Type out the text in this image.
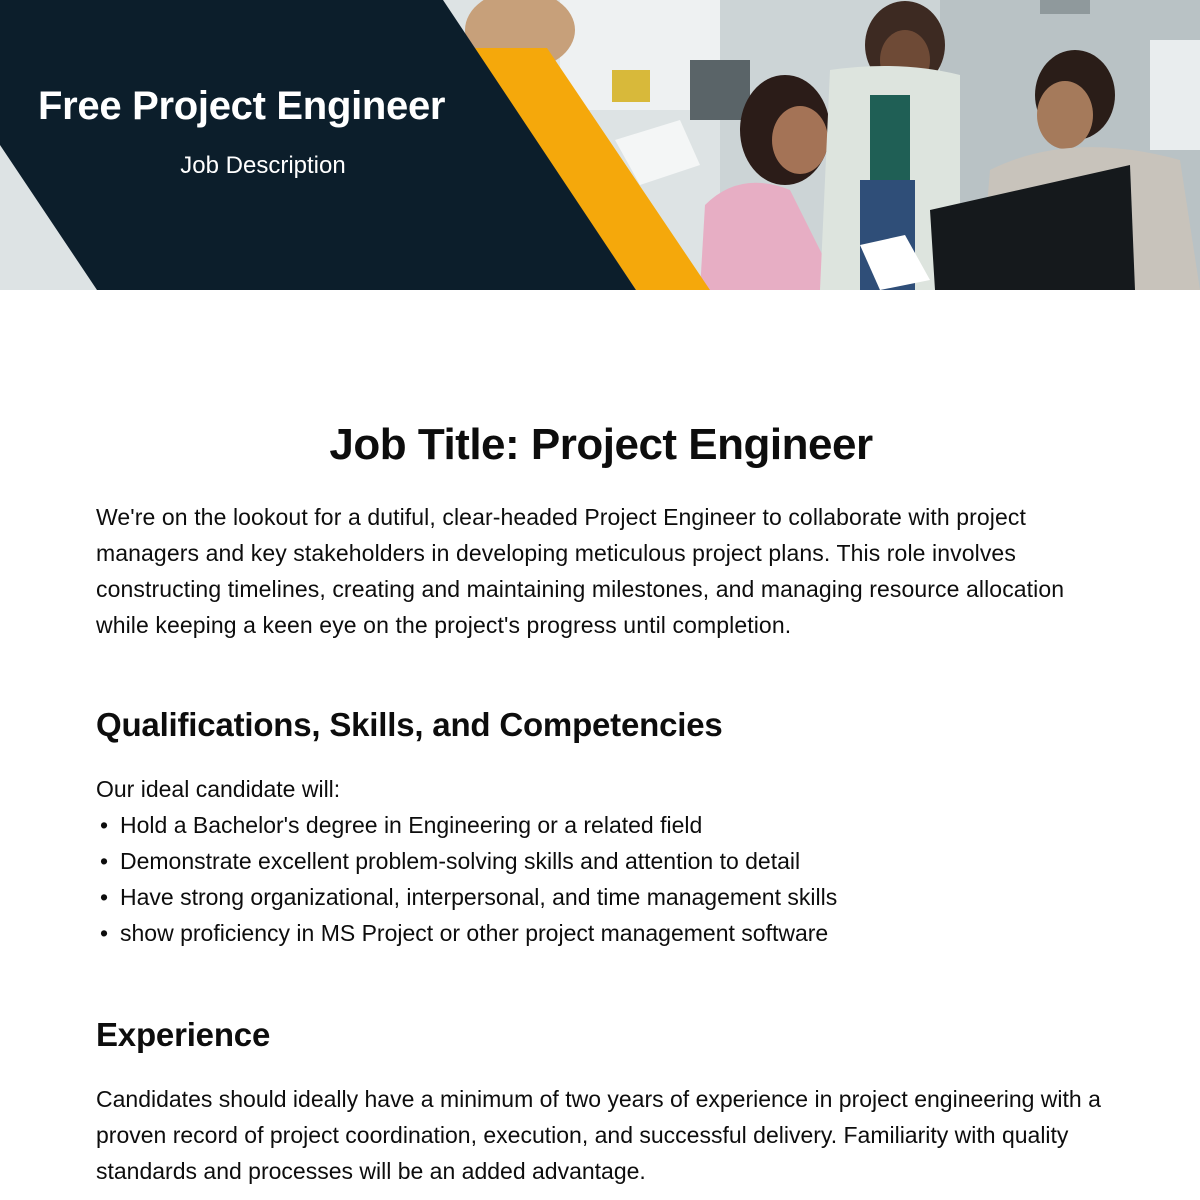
Free Project Engineer
Job Description
Job Title: Project Engineer

We're on the lookout for a dutiful, clear-headed Project Engineer to collaborate with project managers and key stakeholders in developing meticulous project plans. This role involves constructing timelines, creating and maintaining milestones, and managing resource allocation while keeping a keen eye on the project's progress until completion.

Qualifications, Skills, and Competencies

Our ideal candidate will:

• Hold a Bachelor's degree in Engineering or a related field
• Demonstrate excellent problem-solving skills and attention to detail
• Have strong organizational, interpersonal, and time management skills
• show proficiency in MS Project or other project management software
Experience

Candidates should ideally have a minimum of two years of experience in project engineering with a proven record of project coordination, execution, and successful delivery. Familiarity with quality standards and processes will be an added advantage.
